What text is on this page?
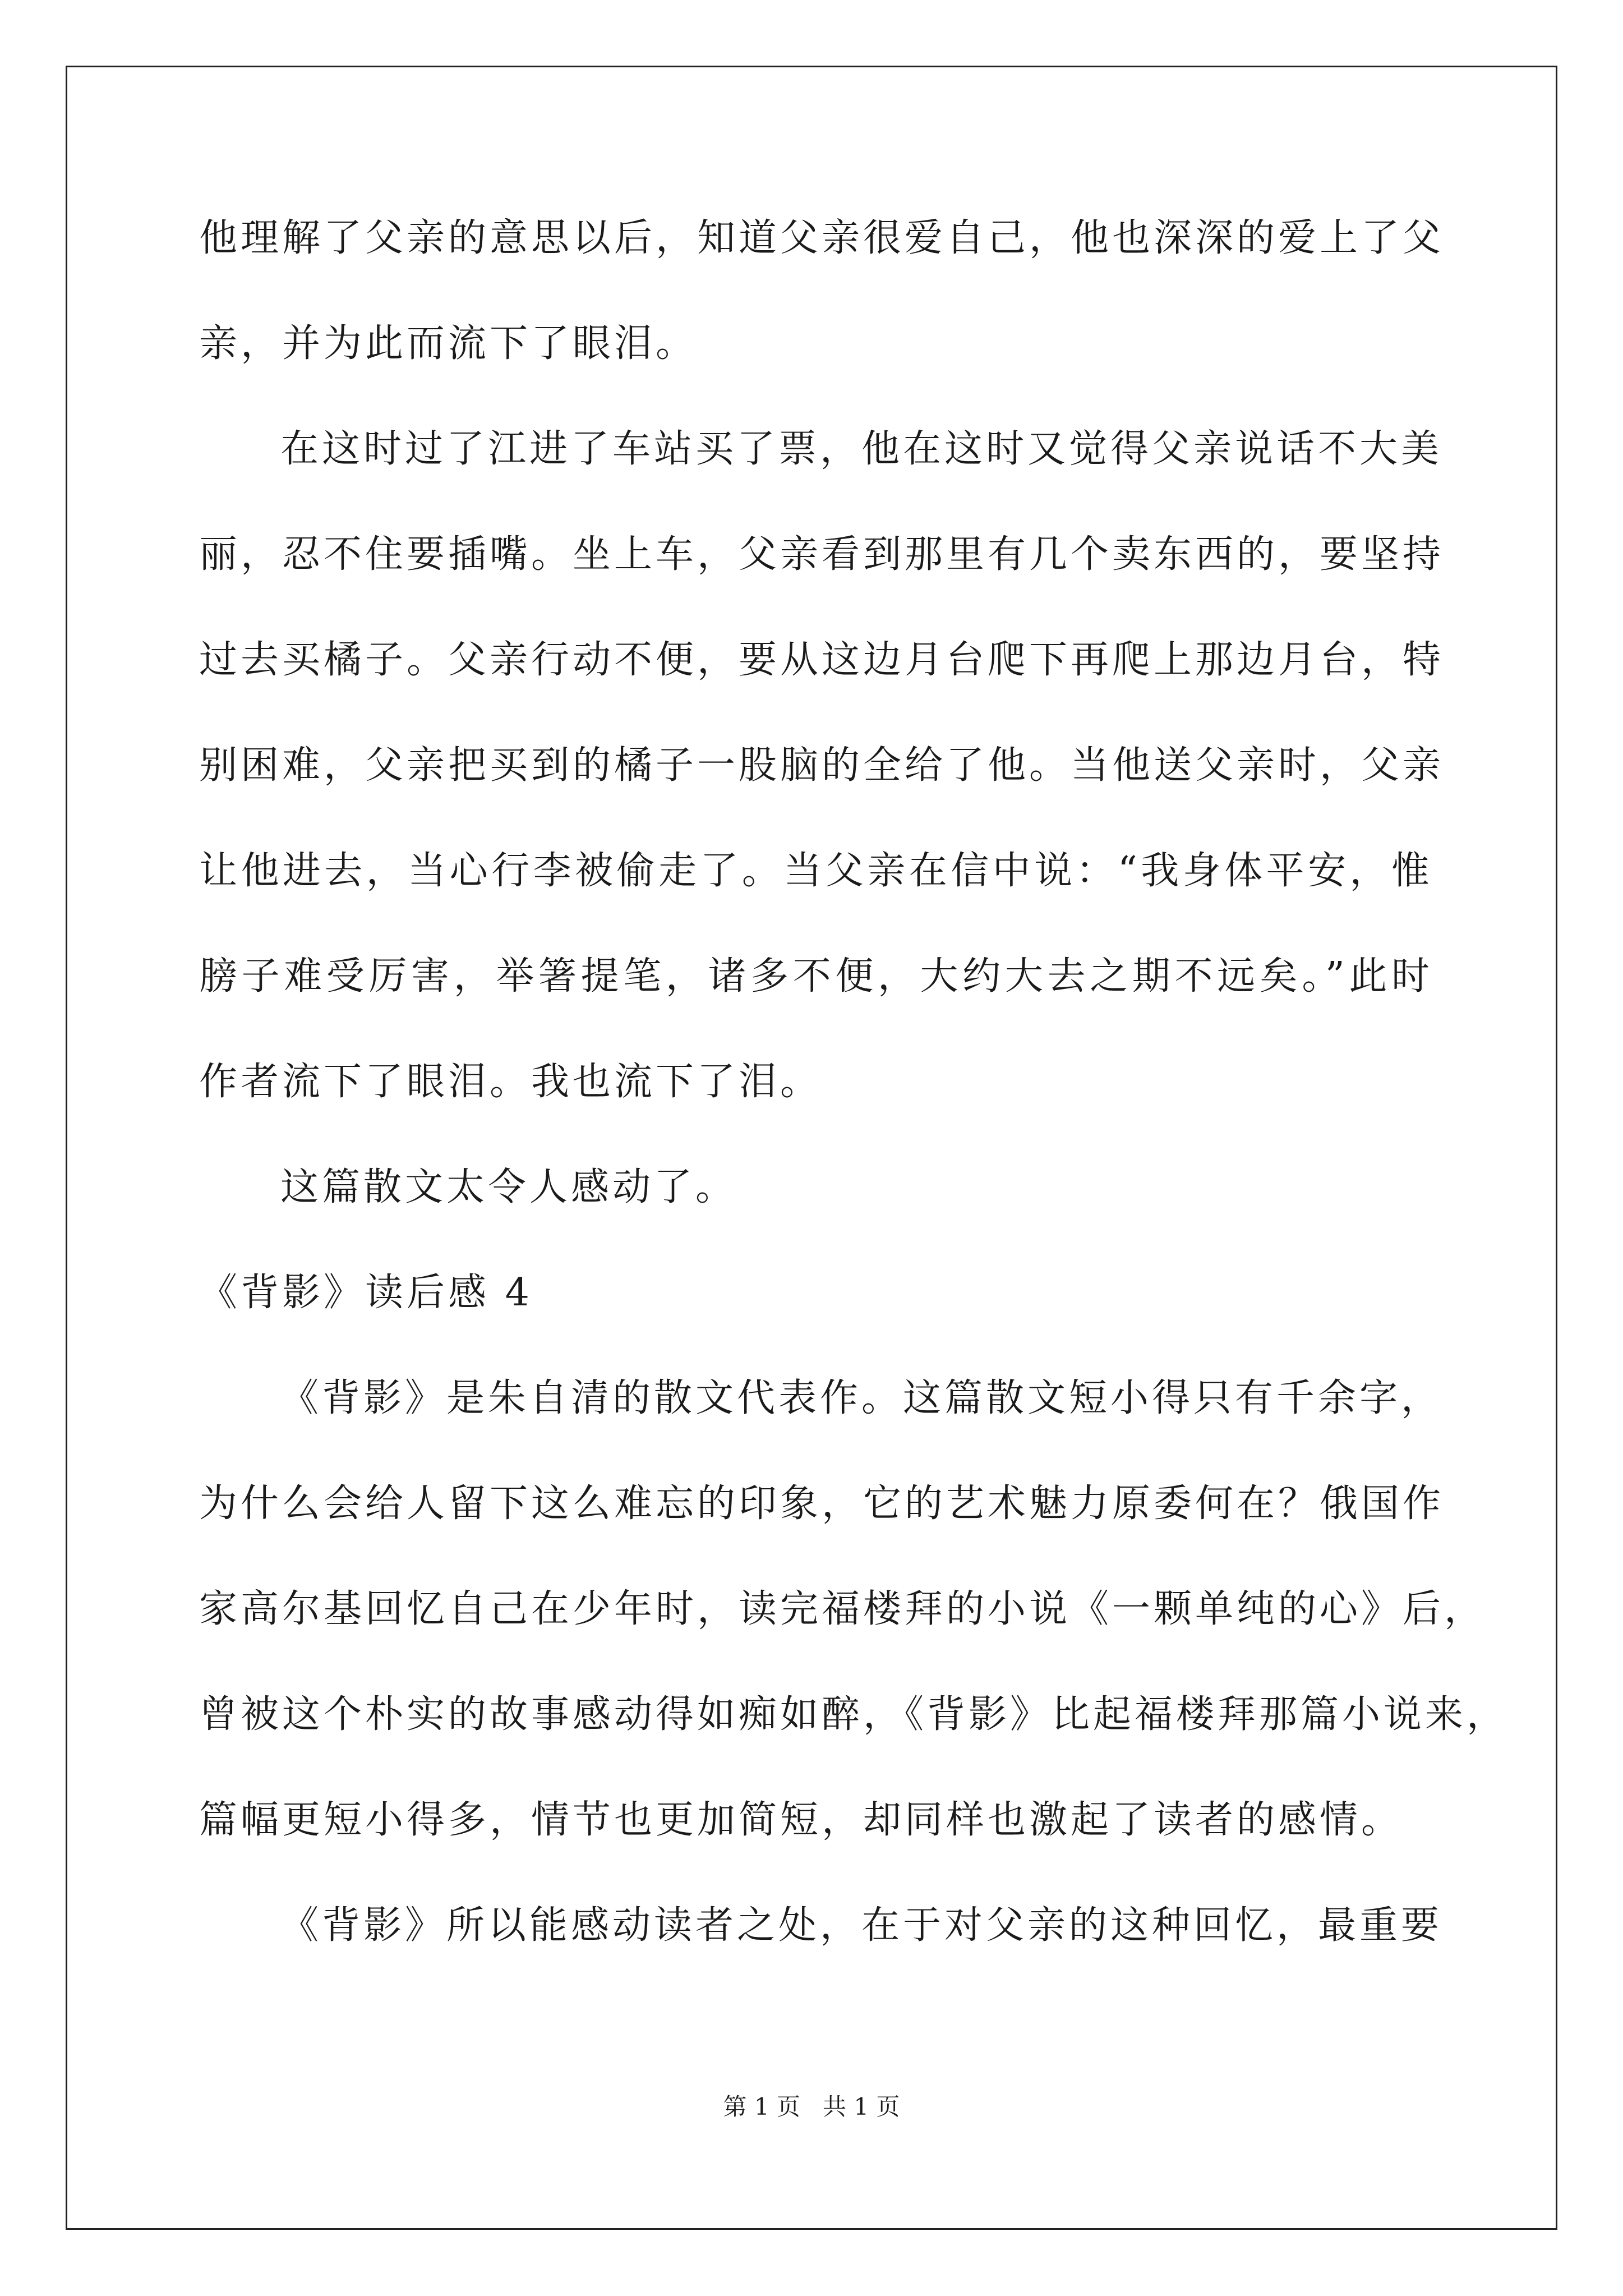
他理解了父亲的意思以后，知道父亲很爱自己，他也深深的爱上了父
亲，并为此而流下了眼泪。
在这时过了江进了车站买了票，他在这时又觉得父亲说话不大美
丽，忍不住要插嘴。坐上车，父亲看到那里有几个卖东西的，要坚持
过去买橘子。父亲行动不便，要从这边月台爬下再爬上那边月台，特
别困难，父亲把买到的橘子一股脑的全给了他。当他送父亲时，父亲
让他进去，当心行李被偷走了。当父亲在信中说：“我身体平安，惟
膀子难受厉害，举箸提笔，诸多不便，大约大去之期不远矣。”此时
作者流下了眼泪。我也流下了泪。
这篇散文太令人感动了。
《背影》读后感 4
《背影》是朱自清的散文代表作。这篇散文短小得只有千余字，
为什么会给人留下这么难忘的印象，它的艺术魅力原委何在？俄国作
家高尔基回忆自己在少年时，读完福楼拜的小说《一颗单纯的心》后，
曾被这个朴实的故事感动得如痴如醉，《背影》比起福楼拜那篇小说来，
篇幅更短小得多，情节也更加简短，却同样也激起了读者的感情。
《背影》所以能感动读者之处，在于对父亲的这种回忆，最重要
第 1 页   共 1 页
